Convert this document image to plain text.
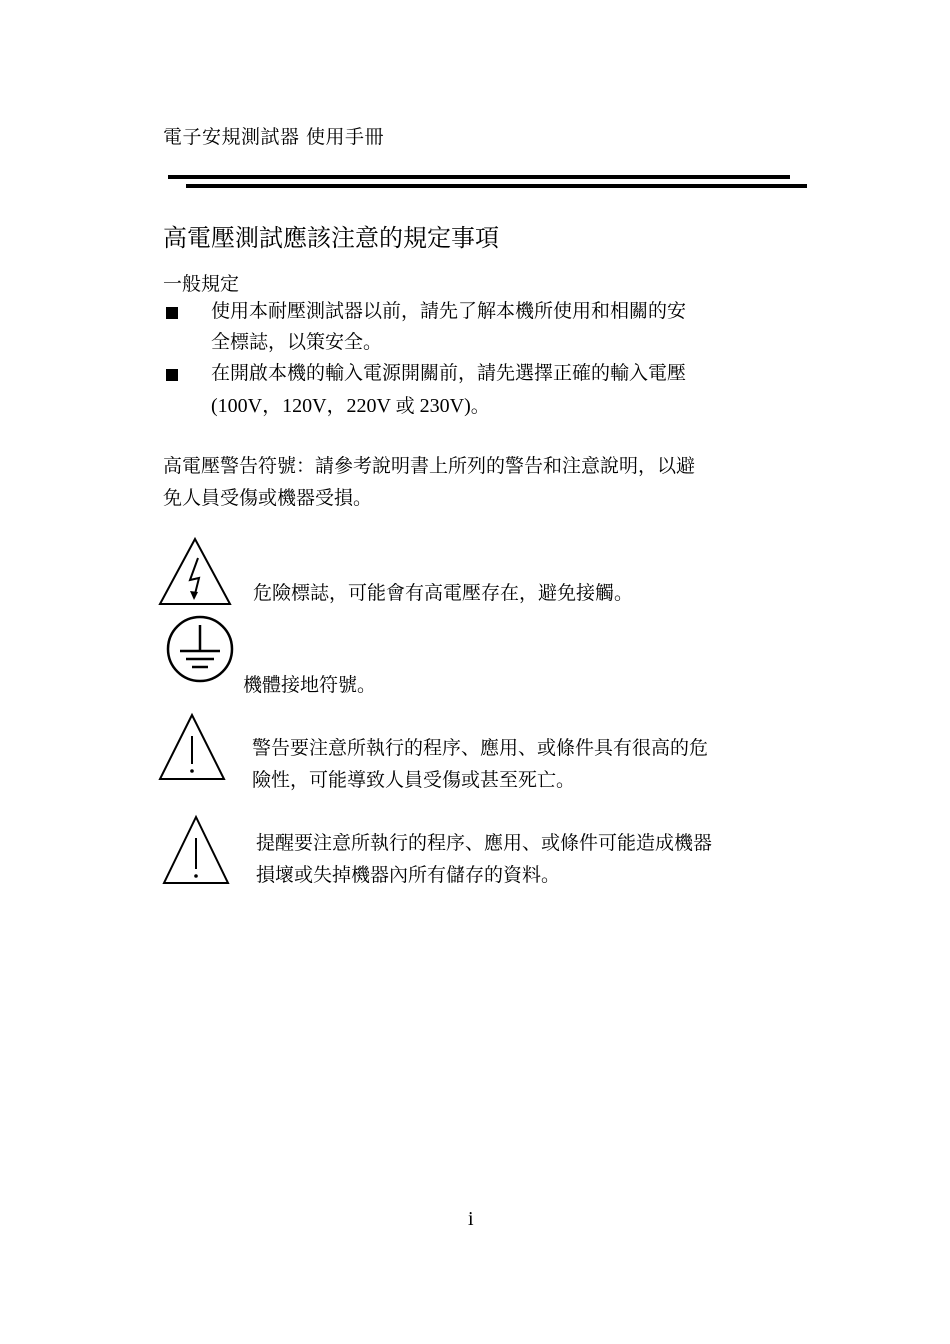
電子安規測試器 使用手冊
高電壓測試應該注意的規定事項
一般規定
使用本耐壓測試器以前，請先了解本機所使用和相關的安
全標誌，以策安全。
在開啟本機的輸入電源開關前，請先選擇正確的輸入電壓
(100V，120V，220V 或 230V)。
高電壓警告符號：請參考說明書上所列的警告和注意說明，以避
免人員受傷或機器受損。
危險標誌，可能會有高電壓存在，避免接觸。
機體接地符號。
警告要注意所執行的程序、應用、或條件具有很高的危
險性，可能導致人員受傷或甚至死亡。
提醒要注意所執行的程序、應用、或條件可能造成機器
損壞或失掉機器內所有儲存的資料。
i
